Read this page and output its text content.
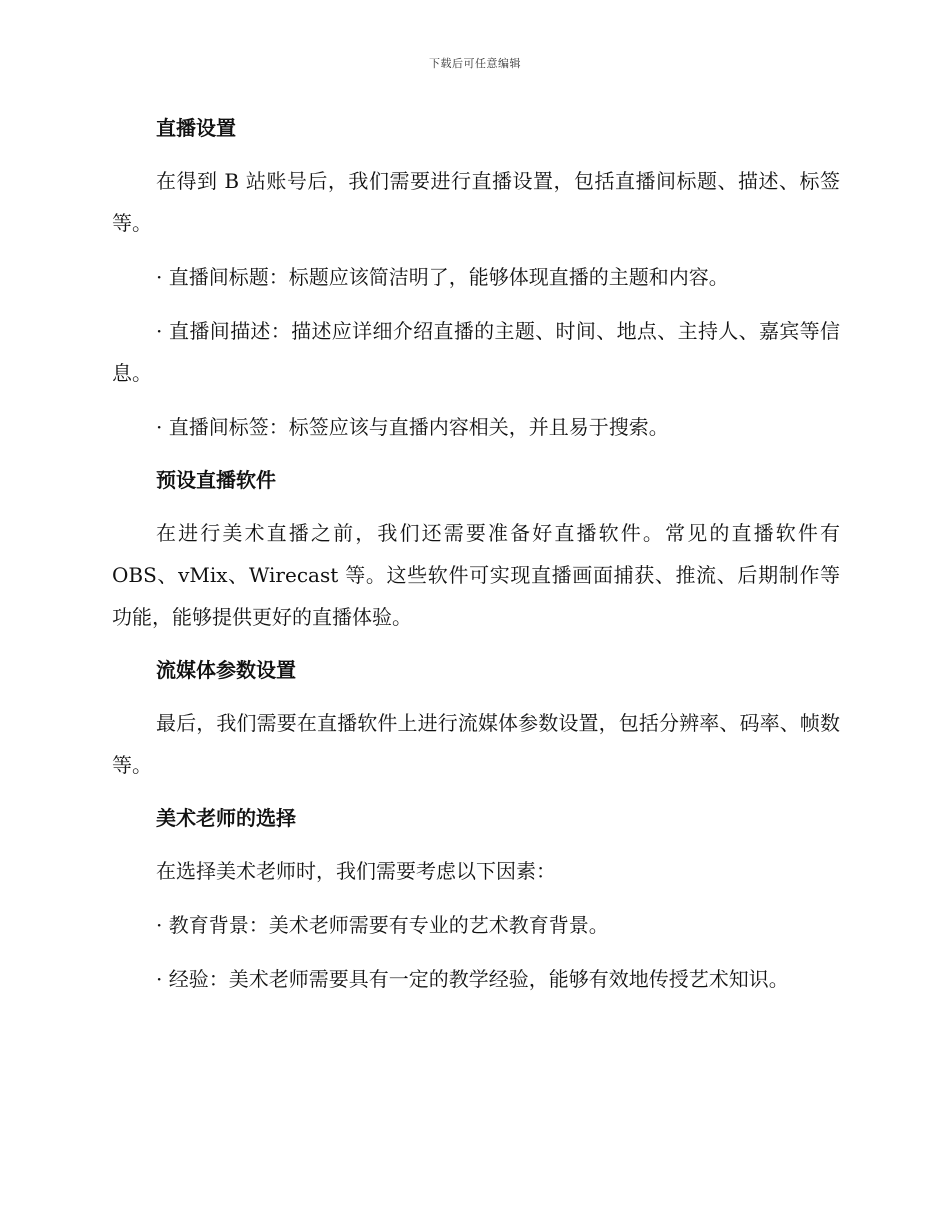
下载后可任意编辑
直播设置

在得到 B 站账号后，我们需要进行直播设置，包括直播间标题、描述、标签等。

· 直播间标题：标题应该简洁明了，能够体现直播的主题和内容。

· 直播间描述：描述应详细介绍直播的主题、时间、地点、主持人、嘉宾等信息。

· 直播间标签：标签应该与直播内容相关，并且易于搜索。

预设直播软件

在进行美术直播之前，我们还需要准备好直播软件。常见的直播软件有 OBS、vMix、Wirecast 等。这些软件可实现直播画面捕获、推流、后期制作等功能，能够提供更好的直播体验。

流媒体参数设置

最后，我们需要在直播软件上进行流媒体参数设置，包括分辨率、码率、帧数等。

美术老师的选择

在选择美术老师时，我们需要考虑以下因素：

· 教育背景：美术老师需要有专业的艺术教育背景。

· 经验：美术老师需要具有一定的教学经验，能够有效地传授艺术知识。
